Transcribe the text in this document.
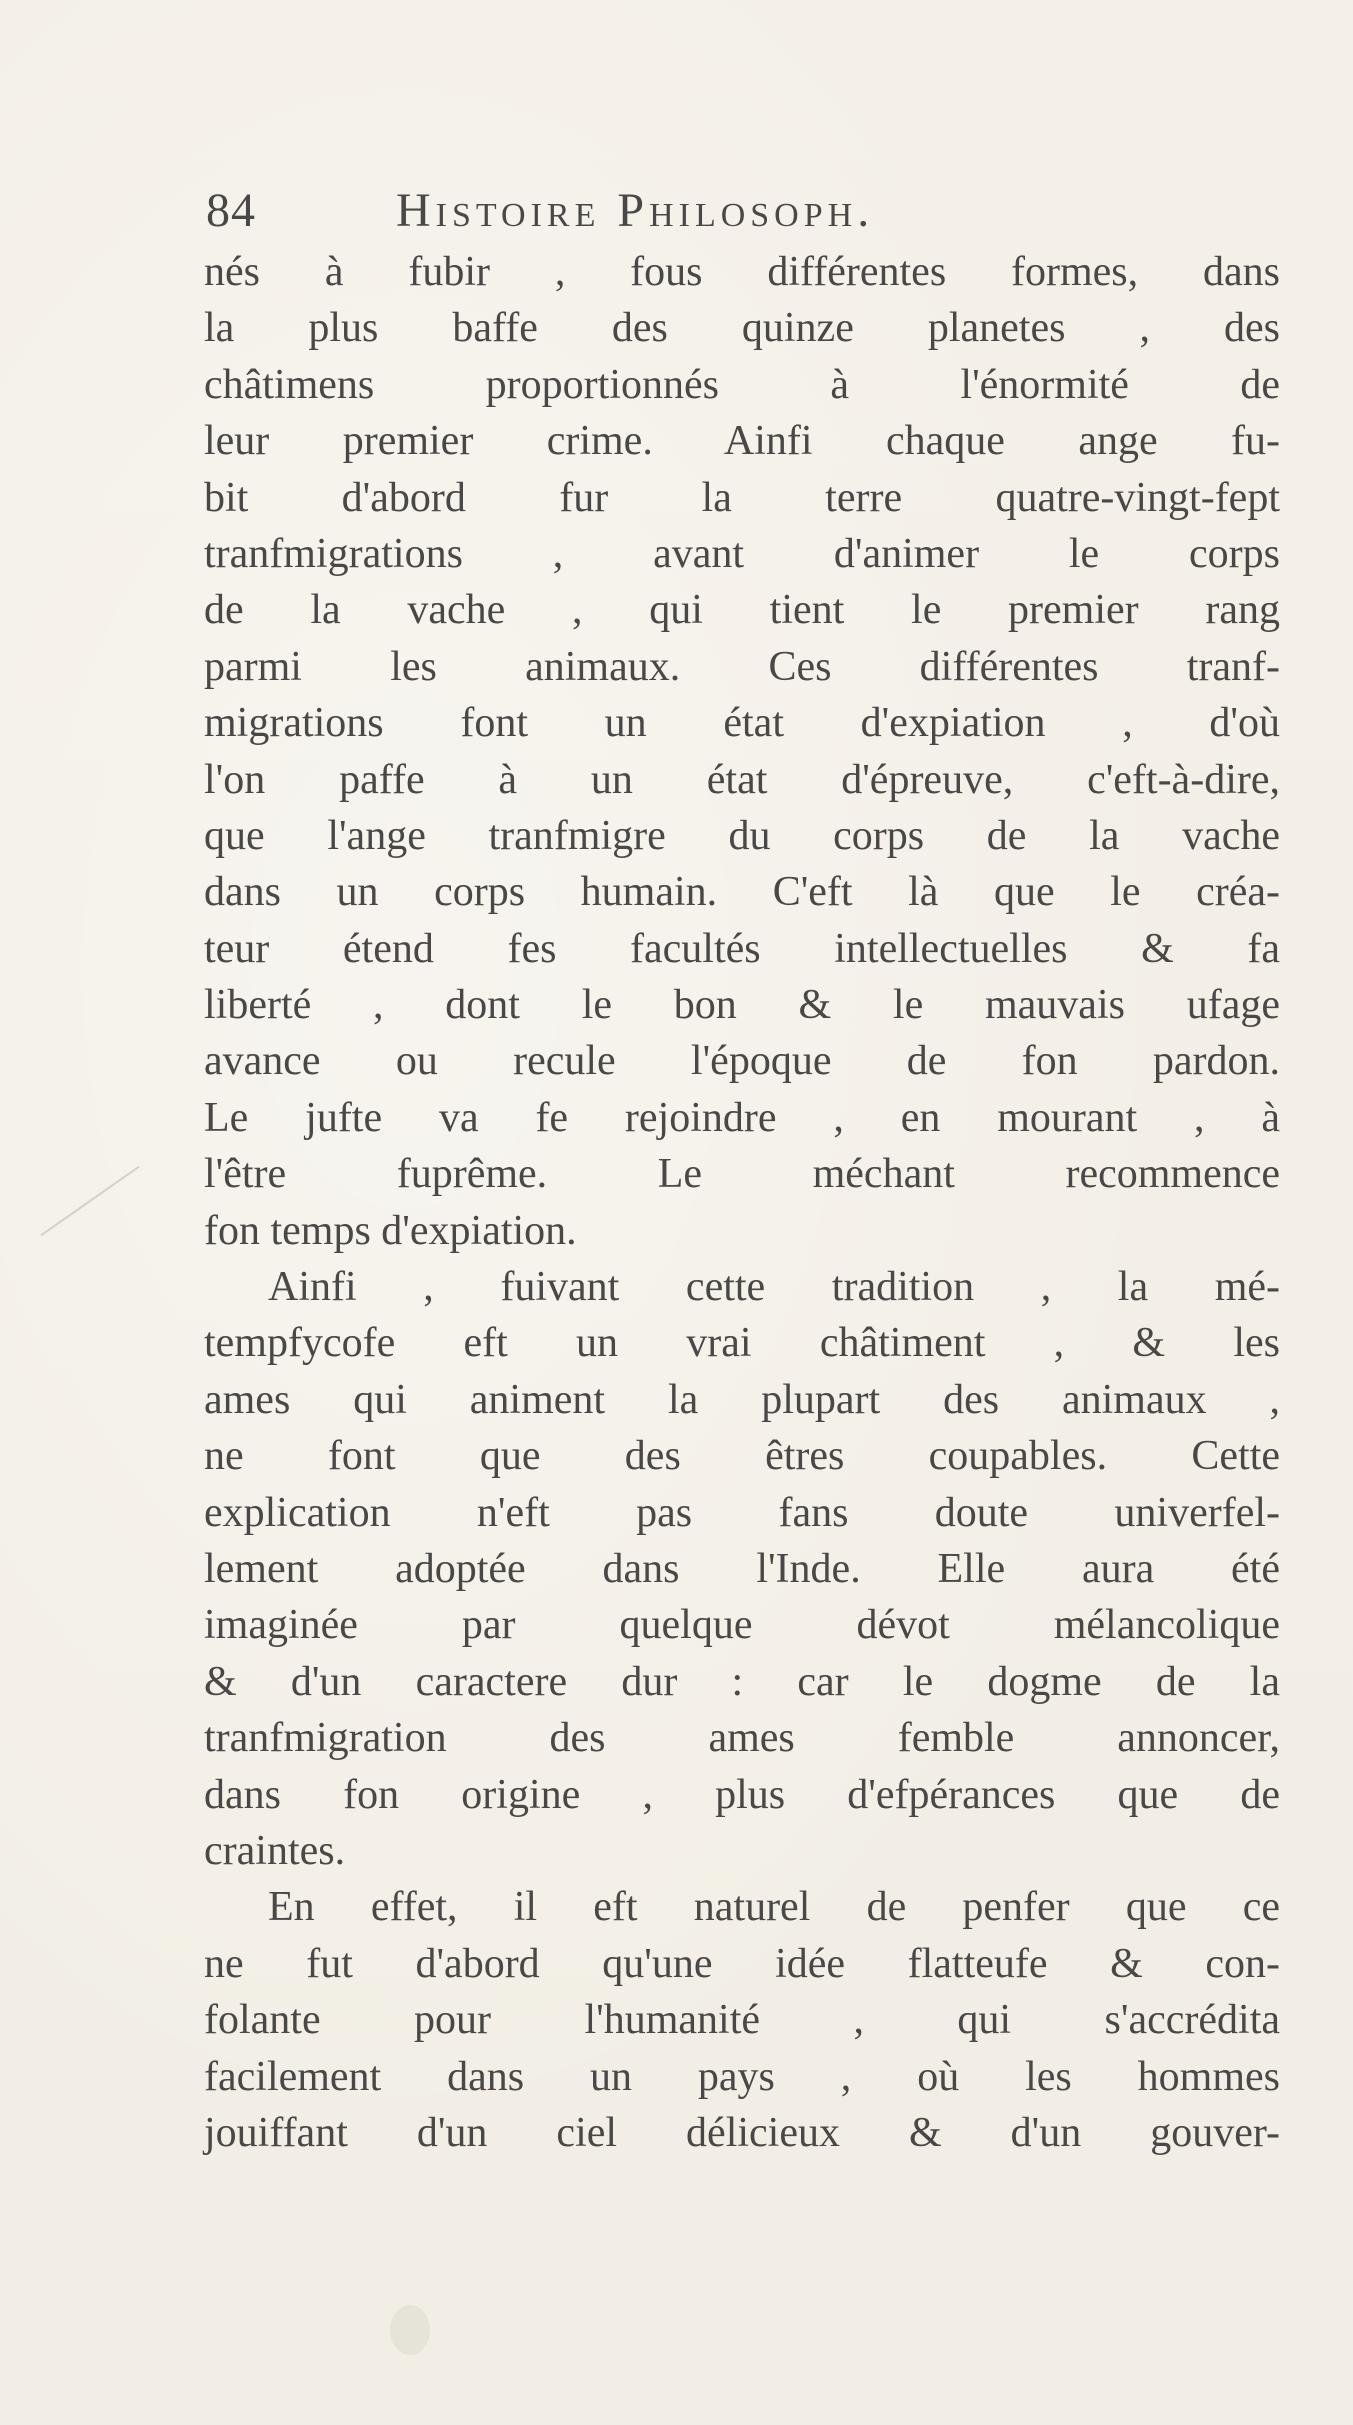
84	Histoire Philosoph.
nés à fubir , fous différentes formes, dans
la plus baffe des quinze planetes , des
châtimens proportionnés à l'énormité de
leur premier crime. Ainfi chaque ange fu-
bit d'abord fur la terre quatre-vingt-fept
tranfmigrations , avant d'animer le corps
de la vache , qui tient le premier rang
parmi les animaux. Ces différentes tranf-
migrations font un état d'expiation , d'où
l'on paffe à un état d'épreuve, c'eft-à-dire,
que l'ange tranfmigre du corps de la vache
dans un corps humain. C'eft là que le créa-
teur étend fes facultés intellectuelles & fa
liberté , dont le bon & le mauvais ufage
avance ou recule l'époque de fon pardon.
Le jufte va fe rejoindre , en mourant , à
l'être fuprême. Le méchant recommence
fon temps d'expiation.
Ainfi , fuivant cette tradition , la mé-
tempfycofe eft un vrai châtiment , & les
ames qui animent la plupart des animaux ,
ne font que des êtres coupables. Cette
explication n'eft pas fans doute univerfel-
lement adoptée dans l'Inde. Elle aura été
imaginée par quelque dévot mélancolique
& d'un caractere dur : car le dogme de la
tranfmigration des ames femble annoncer,
dans fon origine , plus d'efpérances que de
craintes.
En effet, il eft naturel de penfer que ce
ne fut d'abord qu'une idée flatteufe & con-
folante pour l'humanité , qui s'accrédita
facilement dans un pays , où les hommes
jouiffant d'un ciel délicieux & d'un gouver-
